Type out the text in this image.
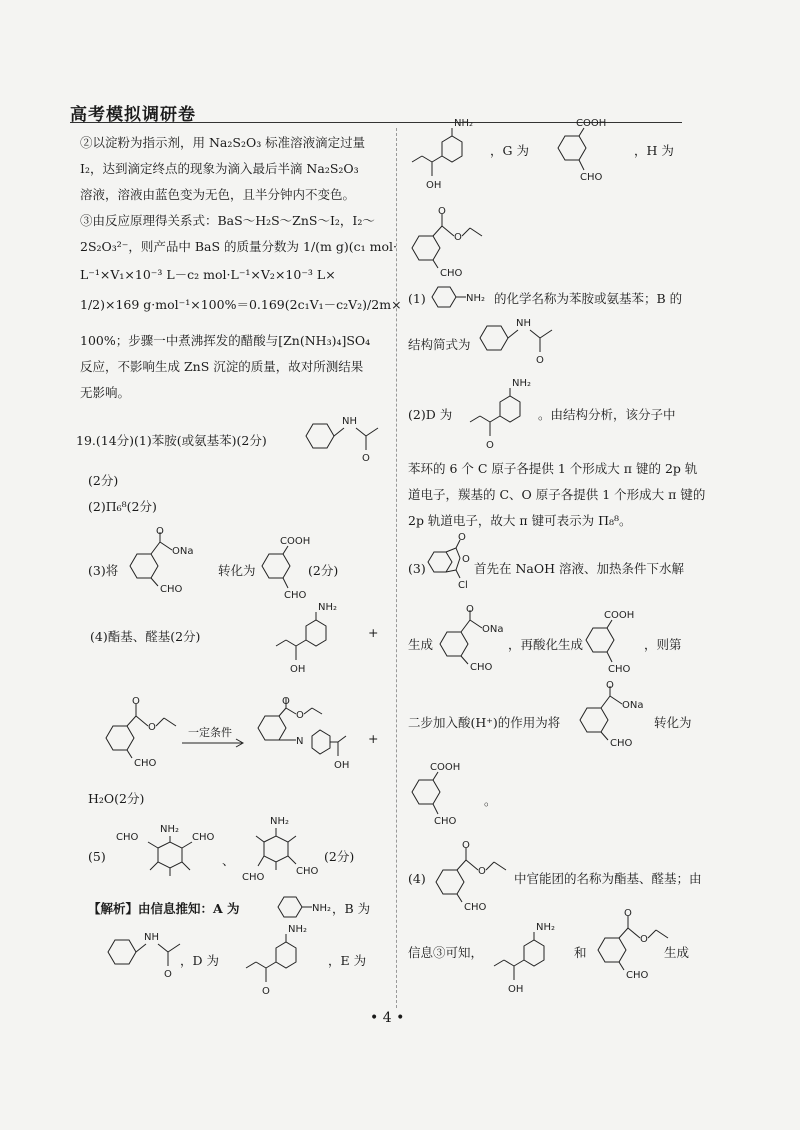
高考模拟调研卷
②以淀粉为指示剂，用 Na₂S₂O₃ 标准溶液滴定过量
I₂，达到滴定终点的现象为滴入最后半滴 Na₂S₂O₃
溶液，溶液由蓝色变为无色，且半分钟内不变色。
③由反应原理得关系式：BaS～H₂S～ZnS～I₂，I₂～
2S₂O₃²⁻，则产品中 BaS 的质量分数为 1/(m g)(c₁ mol·
L⁻¹×V₁×10⁻³ L－c₂ mol·L⁻¹×V₂×10⁻³ L×
1/2)×169 g·mol⁻¹×100%＝0.169(2c₁V₁－c₂V₂)/2m×
100%；步骤一中煮沸挥发的醋酸与[Zn(NH₃)₄]SO₄
反应，不影响生成 ZnS 沉淀的质量，故对所测结果
无影响。
19.(14分)(1)苯胺(或氨基苯)(2分)
(2分)
(2)Π₆⁸(2分)
(3)将	转化为	(2分)
(4)酯基、醛基(2分)	+
一定条件	+
H₂O(2分)
(5)	、	(2分)
【解析】由信息推知：A 为	，B 为
，D 为	，E 为
，G 为	，H 为
(1)	的化学名称为苯胺或氨基苯；B 的
结构简式为
(2)D 为	。由结构分析，该分子中
苯环的 6 个 C 原子各提供 1 个形成大 π 键的 2p 轨
道电子，羰基的 C、O 原子各提供 1 个形成大 π 键的
2p 轨道电子，故大 π 键可表示为 Π₈⁸。
(3)	首先在 NaOH 溶液、加热条件下水解
生成	，再酸化生成	，则第
二步加入酸(H⁺)的作用为将	转化为
。
(4)	中官能团的名称为酯基、醛基；由
信息③可知，	和	生成
• 4 •
NH
O
O
ONa
CHO
COOH
CHO
NH₂
OH
O
O
CHO
N
O
O
OH
NH₂
CHO	CHO
NH₂
CHO
CHO
NH₂
NH
O
NH₂
O
NH₂
OH
COOH
CHO
O
O
CHO
NH₂
NH
O
NH₂
O
O
O
Cl
O
ONa
CHO
COOH
CHO
O
ONa
CHO
COOH
CHO
O
O
CHO
NH₂
OH
O
O
CHO
